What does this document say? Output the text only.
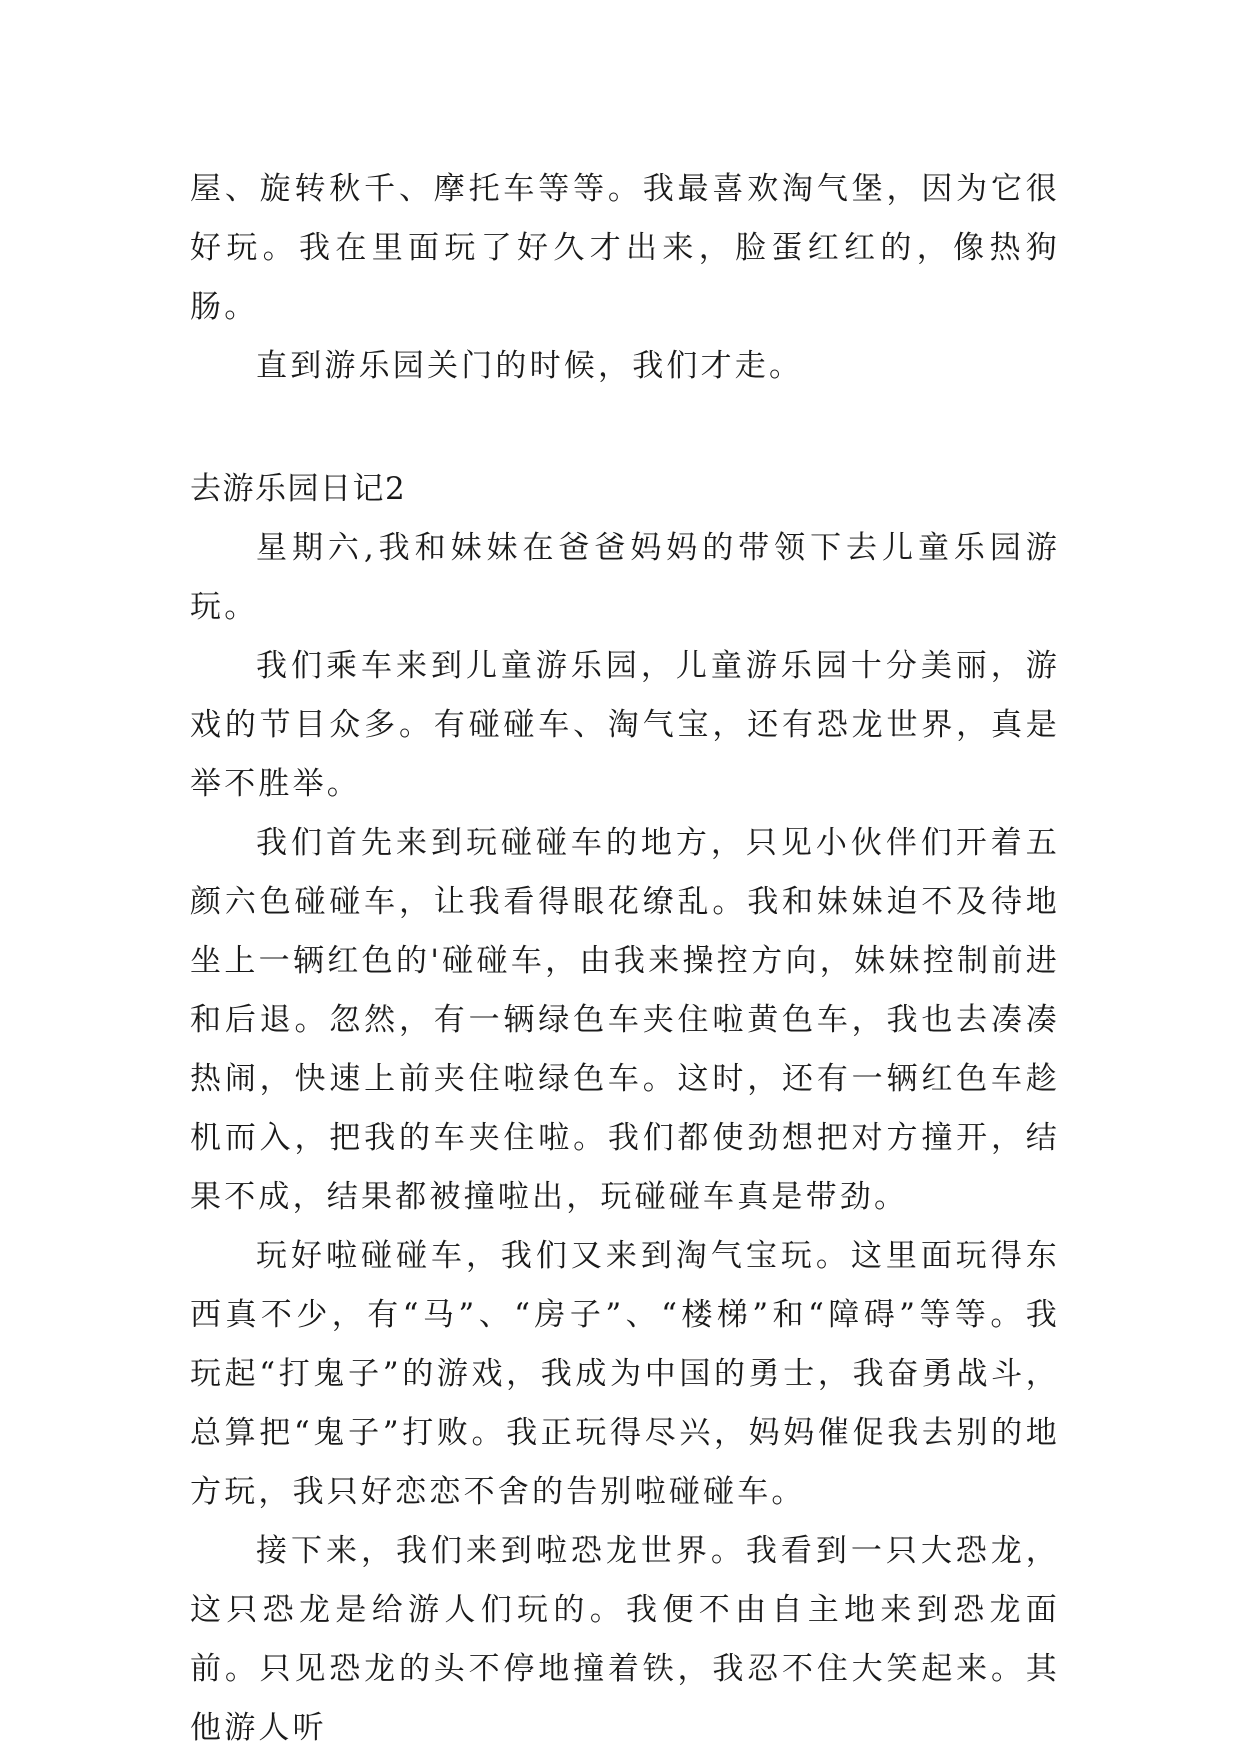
屋、旋转秋千、摩托车等等。我最喜欢淘气堡，因为它很好玩。我在里面玩了好久才出来，脸蛋红红的，像热狗肠。

直到游乐园关门的时候，我们才走。

去游乐园日记2

星期六,我和妹妹在爸爸妈妈的带领下去儿童乐园游玩。

我们乘车来到儿童游乐园，儿童游乐园十分美丽，游戏的节目众多。有碰碰车、淘气宝，还有恐龙世界，真是举不胜举。

我们首先来到玩碰碰车的地方，只见小伙伴们开着五颜六色碰碰车，让我看得眼花缭乱。我和妹妹迫不及待地坐上一辆红色的'碰碰车，由我来操控方向，妹妹控制前进和后退。忽然，有一辆绿色车夹住啦黄色车，我也去凑凑热闹，快速上前夹住啦绿色车。这时，还有一辆红色车趁机而入，把我的车夹住啦。我们都使劲想把对方撞开，结果不成，结果都被撞啦出，玩碰碰车真是带劲。

玩好啦碰碰车，我们又来到淘气宝玩。这里面玩得东西真不少，有“马”、“房子”、“楼梯”和“障碍”等等。我玩起“打鬼子”的游戏，我成为中国的勇士，我奋勇战斗，总算把“鬼子”打败。我正玩得尽兴，妈妈催促我去别的地方玩，我只好恋恋不舍的告别啦碰碰车。

接下来，我们来到啦恐龙世界。我看到一只大恐龙，这只恐龙是给游人们玩的。我便不由自主地来到恐龙面前。只见恐龙的头不停地撞着铁，我忍不住大笑起来。其他游人听
